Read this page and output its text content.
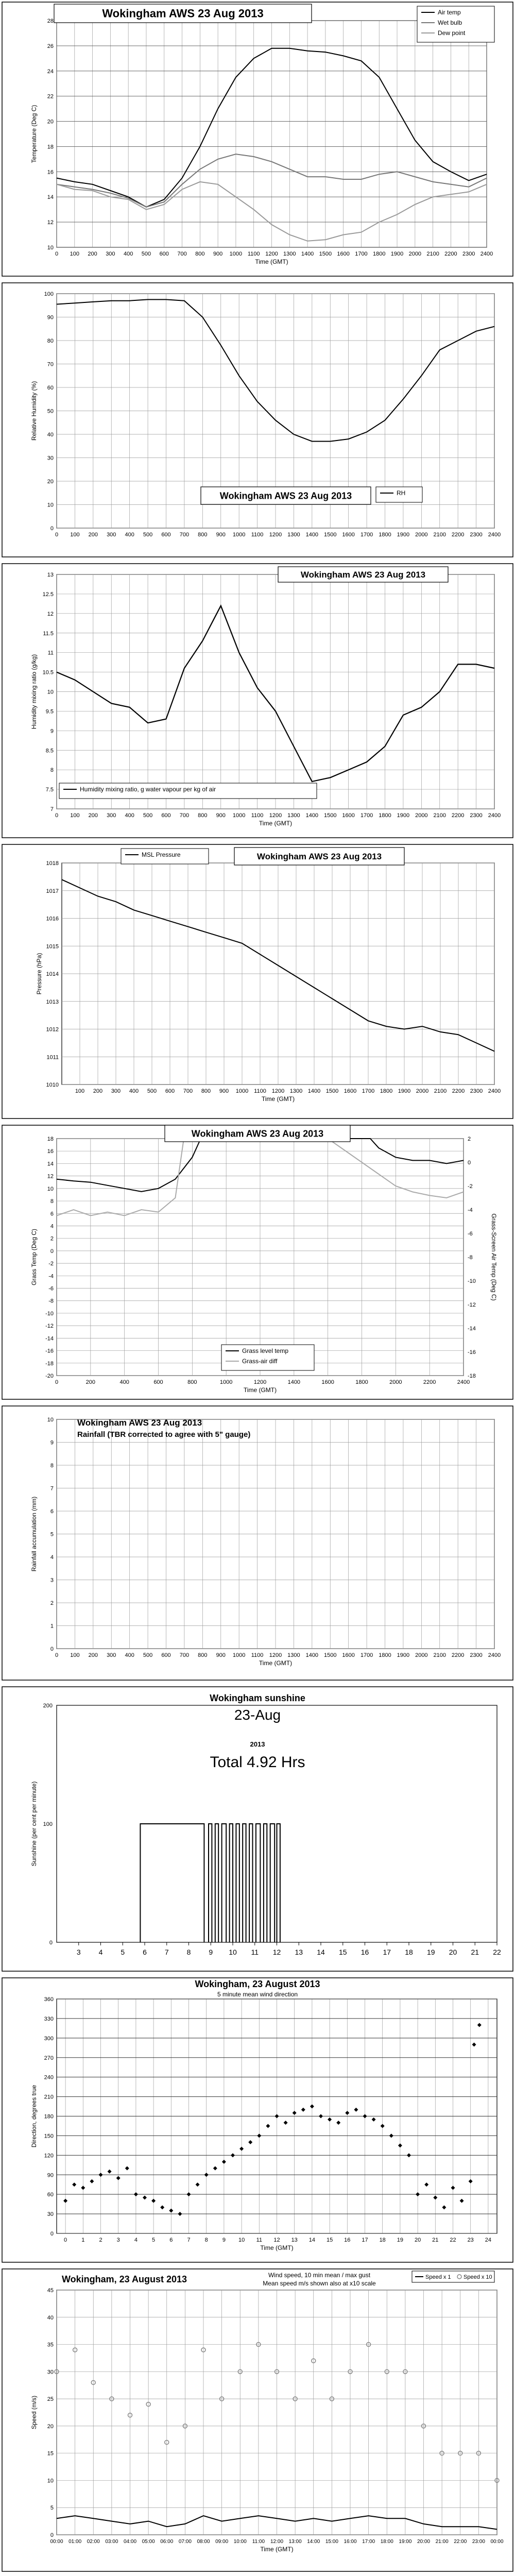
0 100 200 300 400 500 600 700 800 900 1000 1100 1200 1300 1400 1500 1600 1700 1800 1900 2000 2100 2200 2300 2400
10
12
14
16
18
20
22
24
26
28
Time (GMT)
Temperature (Deg C)
Wokingham AWS 23 Aug 2013	Air temp
Wet bulb
Dew point
0 100 200 300 400 500 600 700 800 900 1000 1100 1200 1300 1400 1500 1600 1700 1800 1900 2000 2100 2200 2300 2400
0
10
20
30
40
50
60
70
80
90
100
Relative Humidity (%)
Wokingham AWS 23 Aug 2013	RH
0 100 200 300 400 500 600 700 800 900 1000 1100 1200 1300 1400 1500 1600 1700 1800 1900 2000 2100 2200 2300 2400
7
7.5
8
8.5
9
9.5
10
10.5
11
11.5
12
12.5
13
Time (GMT)
Humidity mixing ratio (g/kg)
Wokingham AWS 23 Aug 2013
Humidity mixing ratio, g water vapour per kg of air
100 200 300 400 500 600 700 800 900 1000 1100 1200 1300 1400 1500 1600 1700 1800 1900 2000 2100 2200 2300 2400
1010
1011
1012
1013
1014
1015
1016
1017
1018
Time (GMT)
Pressure (hPa)
Wokingham AWS 23 Aug 2013
MSL Pressure
0	200	400	600	800	1000	1200	1400	1600	1800	2000	2200	2400
-20
-18
-16
-14
-12
-10
-8
-6
-4
-2
0
2
4
6
8
10
12
14
16
18
Time (GMT)
Grass Temp (Deg C)
-18
-16
-14
-12
-10
-8
-6
-4
-2
0
2
Grass-Screen Air Temp (Deg C)
Wokingham AWS 23 Aug 2013
Grass level temp
Grass-air diff
0 100 200 300 400 500 600 700 800 900 1000 1100 1200 1300 1400 1500 1600 1700 1800 1900 2000 2100 2200 2300 2400
0
1
2
3
4
5
6
7
8
9
10
Time (GMT)
Rainfall accumulation (mm)
Wokingham AWS 23 Aug 2013
Rainfall (TBR corrected to agree with 5" gauge)
3 4 5 6 7 8 9 10 11 12 13 14 15 16 17 18 19 20 21 22
0
100
200
Sunshine (per cent per minute)
Wokingham sunshine
23-Aug
2013
Total 4.92 Hrs
0	1	2	3	4	5	6	7	8	9 10 11 12 13 14 15 16 17 18 19 20 21 22 23 24
0
30
60
90
120
150
180
210
240
270
300
330
360
Time (GMT)
Direction, degrees true
Wokingham, 23 August 2013
5 minute mean wind direction
00:00 01:00 02:00 03:00 04:00 05:00 06:00 07:00 08:00 09:00 10:00 11:00 12:00 13:00 14:00 15:00 16:00 17:00 18:00 19:00 20:00 21:00 22:00 23:00 00:00
0
5
10
15
20
25
30
35
40
45
Time (GMT)
Speed (m/s)
Wokingham, 23 August 2013	Wind speed, 10 min mean / max gust
Mean speed m/s shown also at x10 scale
Speed x 1 Speed x 10
